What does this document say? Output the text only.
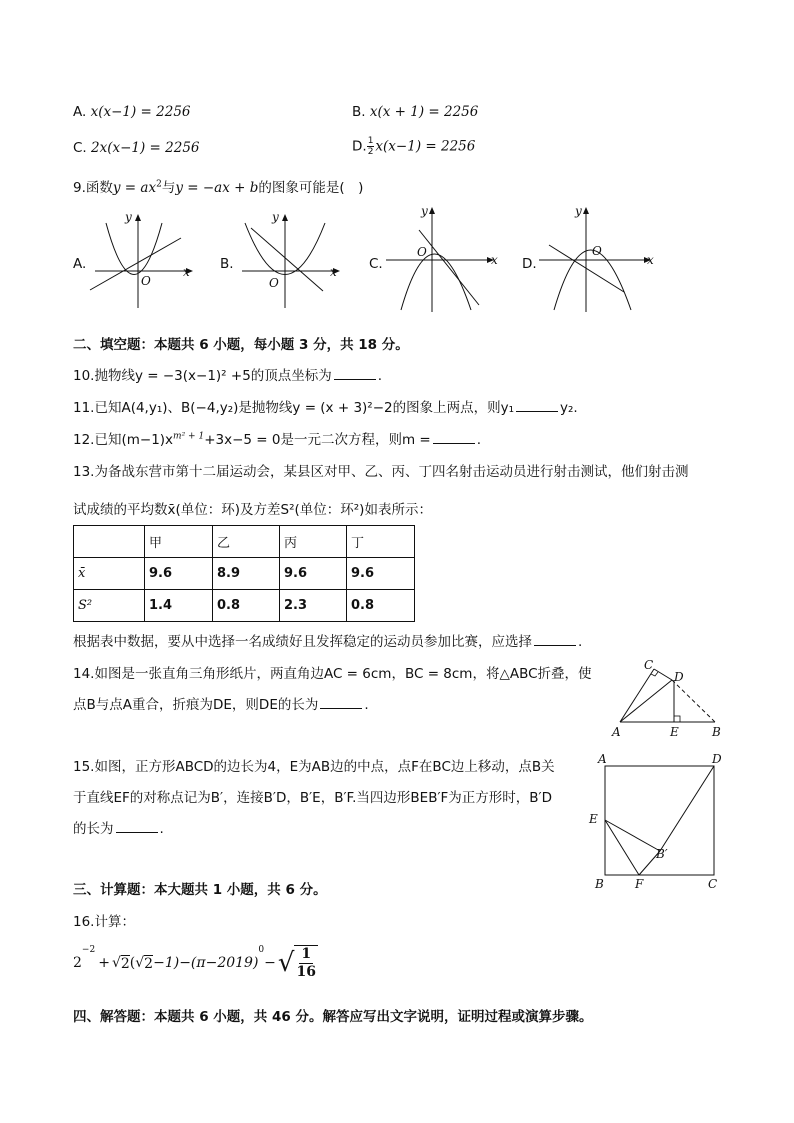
A. x(x−1) = 2256	B. x(x + 1) = 2256
C. 2x(x−1) = 2256	D. $\frac{1}{2} x(x-1) = 2256$
9.函数$y = ax^2$与y = −ax + b的图象可能是(　)
A.	x
y
O
B.	x
y
O
C.	x
y
O
D.	x
y
O
二、填空题：本题共 6 小题，每小题 3 分，共 18 分。
10.抛物线y = −3(x−1)² +5的顶点坐标为	.
11.已知A(4,y₁)、B(−4,y₂)是抛物线y = (x + 3)²−2的图象上两点，则y₁	y₂.
12.已知$(m-1)x^{m^2 + 1}+3x-5 = 0$是一元二次方程，则m =	.
13.为备战东营市第十二届运动会，某县区对甲、乙、丙、丁四名射击运动员进行射击测试，他们射击测
试成绩的平均数x̄(单位：环)及方差S²(单位：环²)如表所示：
	甲	乙	丙	丁
x̄	9.6	8.9	9.6	9.6
S²	1.4	0.8	2.3	0.8
根据表中数据，要从中选择一名成绩好且发挥稳定的运动员参加比赛，应选择	.
14.如图是一张直角三角形纸片，两直角边AC = 6cm，BC = 8cm，将△ABC折叠，使
点B与点A重合，折痕为DE，则DE的长为	.
C
D
A	E	B
15.如图，正方形ABCD的边长为4，E为AB边的中点，点F在BC边上移动，点B关
于直线EF的对称点记为B′，连接B′D，B′E，B′F.当四边形BEB′F为正方形时，B′D
的长为	.
A	D
E
B′
B	F	C
三、计算题：本大题共 1 小题，共 6 分。
16.计算：
2
−2
+ √ 2 ( √ 2 −1)−(π−2019)
0
− √ 1
16
四、解答题：本题共 6 小题，共 46 分。解答应写出文字说明，证明过程或演算步骤。
